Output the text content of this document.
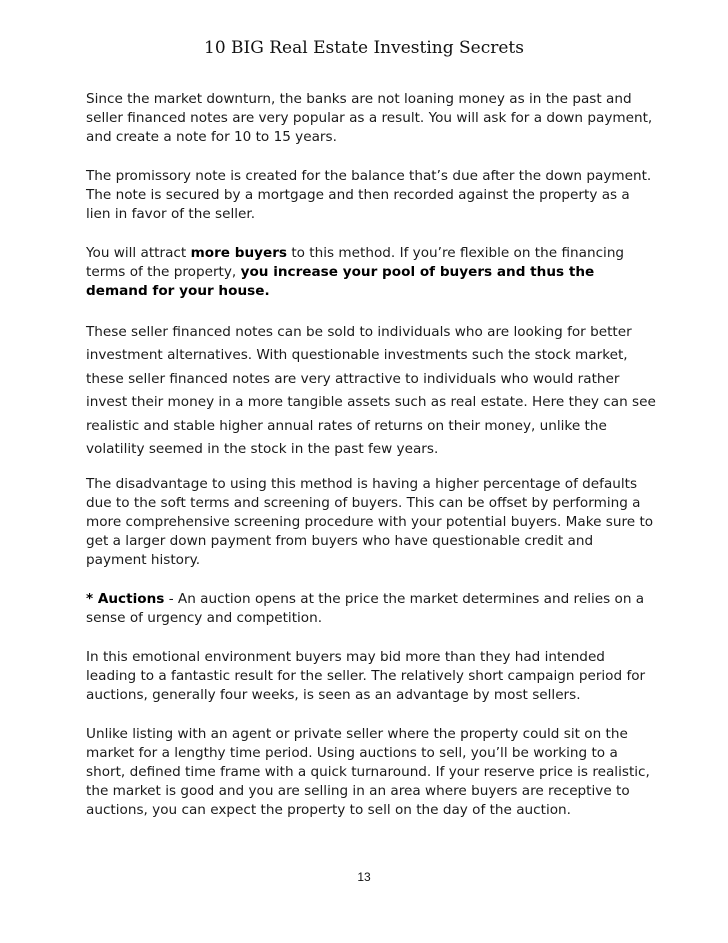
10 BIG Real Estate Investing Secrets

Since the market downturn, the banks are not loaning money as in the past and seller financed notes are very popular as a result. You will ask for a down payment, and create a note for 10 to 15 years.

The promissory note is created for the balance that’s due after the down payment. The note is secured by a mortgage and then recorded against the property as a lien in favor of the seller.

You will attract more buyers to this method. If you’re flexible on the financing terms of the property, you increase your pool of buyers and thus the demand for your house.

These seller financed notes can be sold to individuals who are looking for better investment alternatives. With questionable investments such the stock market, these seller financed notes are very attractive to individuals who would rather invest their money in a more tangible assets such as real estate. Here they can see realistic and stable higher annual rates of returns on their money, unlike the volatility seemed in the stock in the past few years.

The disadvantage to using this method is having a higher percentage of defaults due to the soft terms and screening of buyers. This can be offset by performing a more comprehensive screening procedure with your potential buyers. Make sure to get a larger down payment from buyers who have questionable credit and payment history.

* Auctions - An auction opens at the price the market determines and relies on a sense of urgency and competition.

In this emotional environment buyers may bid more than they had intended leading to a fantastic result for the seller. The relatively short campaign period for auctions, generally four weeks, is seen as an advantage by most sellers.

Unlike listing with an agent or private seller where the property could sit on the market for a lengthy time period. Using auctions to sell, you’ll be working to a short, defined time frame with a quick turnaround. If your reserve price is realistic, the market is good and you are selling in an area where buyers are receptive to auctions, you can expect the property to sell on the day of the auction.

13
